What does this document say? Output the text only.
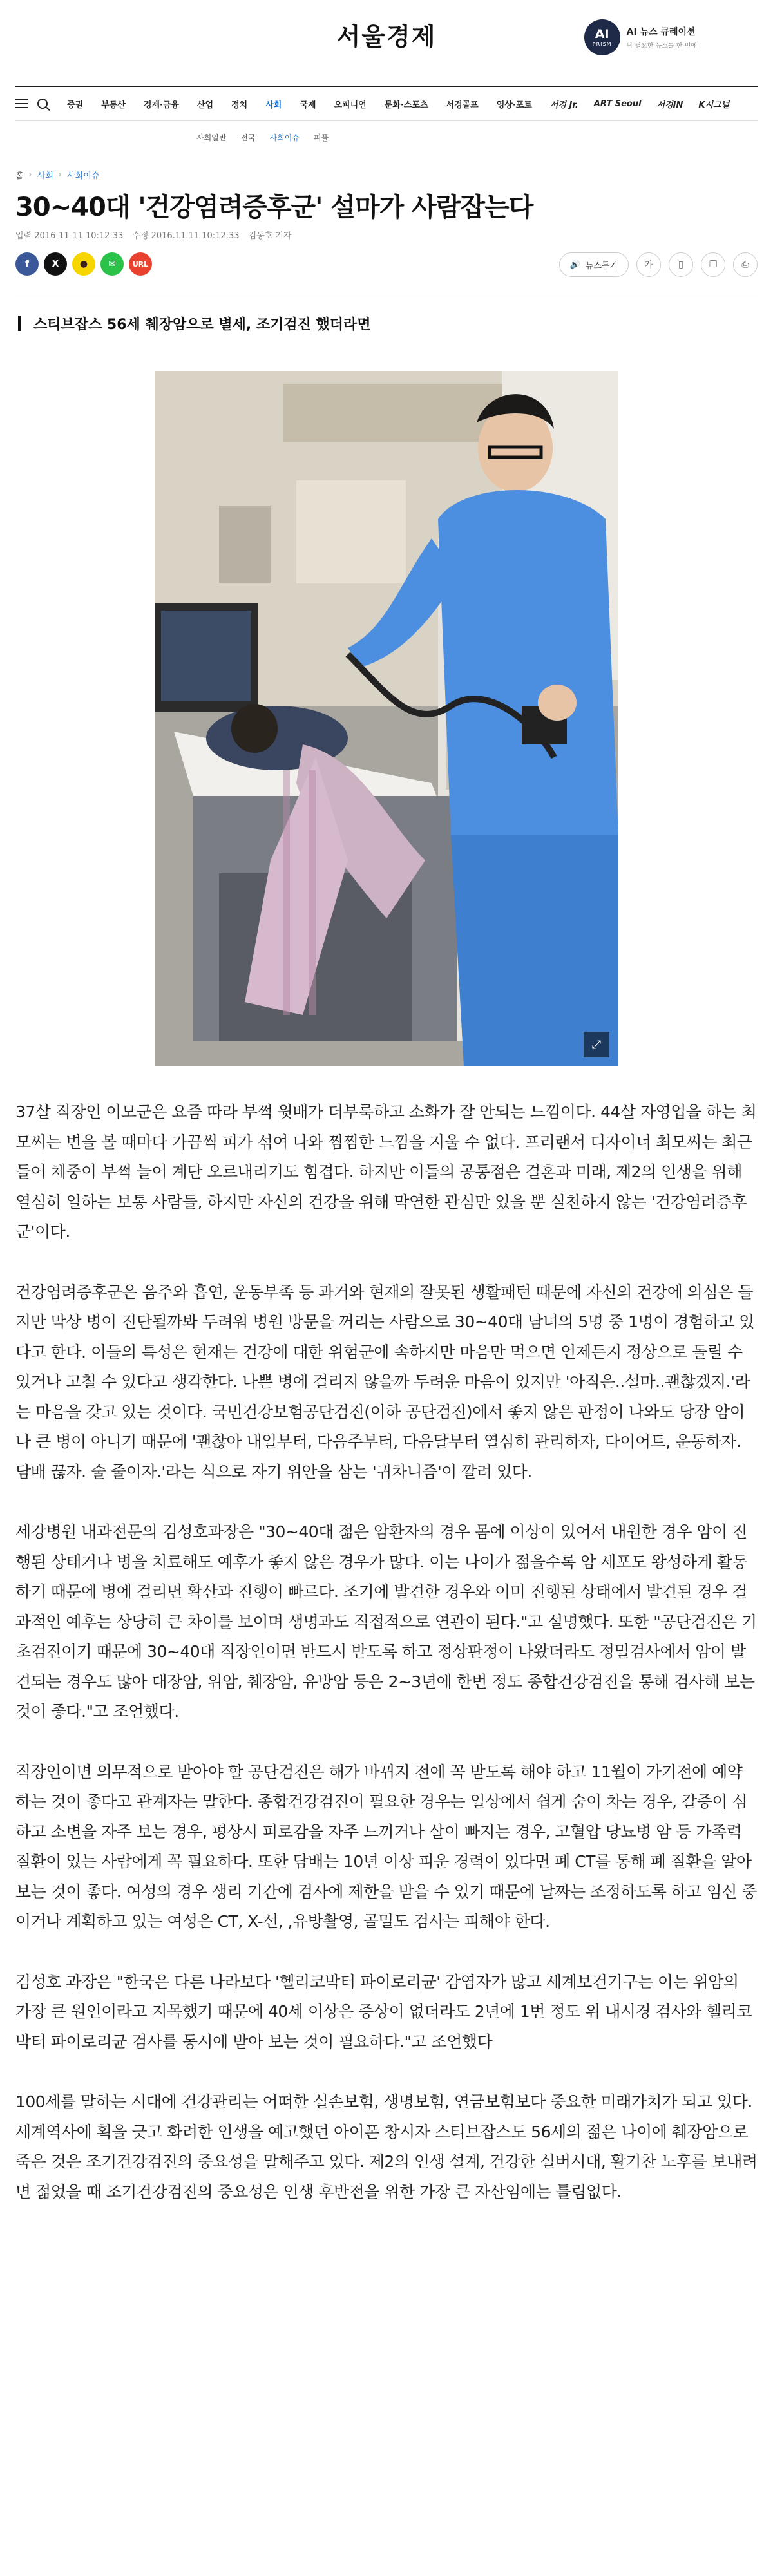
서울경제	AI
PRISM
AI 뉴스 큐레이션
딱 필요한 뉴스를 한 번에
증권 부동산 경제·금융 산업 정치 사회 국제 오피니언 문화·스포츠 서경골프 영상·포토 서경 Jr. ART Seoul 서경IN K시그널
사회일반 전국 사회이슈 피플
홈 › 사회 › 사회이슈
30~40대 '건강염려증후군' 설마가 사람잡는다
입력 2016-11-11 10:12:33 수정 2016.11.11 10:12:33 김동호 기자
f	X	●	✉	URL	🔊 뉴스듣기	가	▯	❐	⎙
스티브잡스 56세 췌장암으로 별세, 조기검진 했더라면
⤢

37살 직장인 이모군은 요즘 따라 부쩍 윗배가 더부룩하고 소화가 잘 안되는 느낌이다. 44살 자영업을 하는 최모씨는 변을 볼 때마다 가끔씩 피가 섞여 나와 찜찜한 느낌을 지울 수 없다. 프리랜서 디자이너 최모씨는 최근 들어 체중이 부쩍 늘어 계단 오르내리기도 힘겹다. 하지만 이들의 공통점은 결혼과 미래, 제2의 인생을 위해 열심히 일하는 보통 사람들, 하지만 자신의 건강을 위해 막연한 관심만 있을 뿐 실천하지 않는 '건강염려증후군'이다.

건강염려증후군은 음주와 흡연, 운동부족 등 과거와 현재의 잘못된 생활패턴 때문에 자신의 건강에 의심은 들지만 막상 병이 진단될까봐 두려워 병원 방문을 꺼리는 사람으로 30~40대 남녀의 5명 중 1명이 경험하고 있다고 한다. 이들의 특성은 현재는 건강에 대한 위험군에 속하지만 마음만 먹으면 언제든지 정상으로 돌릴 수 있거나 고칠 수 있다고 생각한다. 나쁜 병에 걸리지 않을까 두려운 마음이 있지만 '아직은..설마..괜찮겠지.'라는 마음을 갖고 있는 것이다. 국민건강보험공단검진(이하 공단검진)에서 좋지 않은 판정이 나와도 당장 암이나 큰 병이 아니기 때문에 '괜찮아 내일부터, 다음주부터, 다음달부터 열심히 관리하자, 다이어트, 운동하자. 담배 끊자. 술 줄이자.'라는 식으로 자기 위안을 삼는 '귀차니즘'이 깔려 있다.

세강병원 내과전문의 김성호과장은 "30~40대 젊은 암환자의 경우 몸에 이상이 있어서 내원한 경우 암이 진행된 상태거나 병을 치료해도 예후가 좋지 않은 경우가 많다. 이는 나이가 젊을수록 암 세포도 왕성하게 활동하기 때문에 병에 걸리면 확산과 진행이 빠르다. 조기에 발견한 경우와 이미 진행된 상태에서 발견된 경우 결과적인 예후는 상당히 큰 차이를 보이며 생명과도 직접적으로 연관이 된다."고 설명했다. 또한 "공단검진은 기초검진이기 때문에 30~40대 직장인이면 반드시 받도록 하고 정상판정이 나왔더라도 정밀검사에서 암이 발견되는 경우도 많아 대장암, 위암, 췌장암, 유방암 등은 2~3년에 한번 정도 종합건강검진을 통해 검사해 보는 것이 좋다."고 조언했다.

직장인이면 의무적으로 받아야 할 공단검진은 해가 바뀌지 전에 꼭 받도록 해야 하고 11월이 가기전에 예약하는 것이 좋다고 관계자는 말한다. 종합건강검진이 필요한 경우는 일상에서 쉽게 숨이 차는 경우, 갈증이 심하고 소변을 자주 보는 경우, 평상시 피로감을 자주 느끼거나 살이 빠지는 경우, 고혈압 당뇨병 암 등 가족력 질환이 있는 사람에게 꼭 필요하다. 또한 담배는 10년 이상 피운 경력이 있다면 폐 CT를 통해 폐 질환을 알아보는 것이 좋다. 여성의 경우 생리 기간에 검사에 제한을 받을 수 있기 때문에 날짜는 조정하도록 하고 임신 중이거나 계획하고 있는 여성은 CT, X-선, ,유방촬영, 골밀도 검사는 피해야 한다.

김성호 과장은 "한국은 다른 나라보다 '헬리코박터 파이로리균' 감염자가 많고 세계보건기구는 이는 위암의 가장 큰 원인이라고 지목했기 때문에 40세 이상은 증상이 없더라도 2년에 1번 정도 위 내시경 검사와 헬리코박터 파이로리균 검사를 동시에 받아 보는 것이 필요하다."고 조언했다

100세를 말하는 시대에 건강관리는 어떠한 실손보험, 생명보험, 연금보험보다 중요한 미래가치가 되고 있다. 세계역사에 획을 긋고 화려한 인생을 예고했던 아이폰 창시자 스티브잡스도 56세의 젊은 나이에 췌장암으로 죽은 것은 조기건강검진의 중요성을 말해주고 있다. 제2의 인생 설계, 건강한 실버시대, 활기찬 노후를 보내려면 젊었을 때 조기건강검진의 중요성은 인생 후반전을 위한 가장 큰 자산임에는 틀림없다.
